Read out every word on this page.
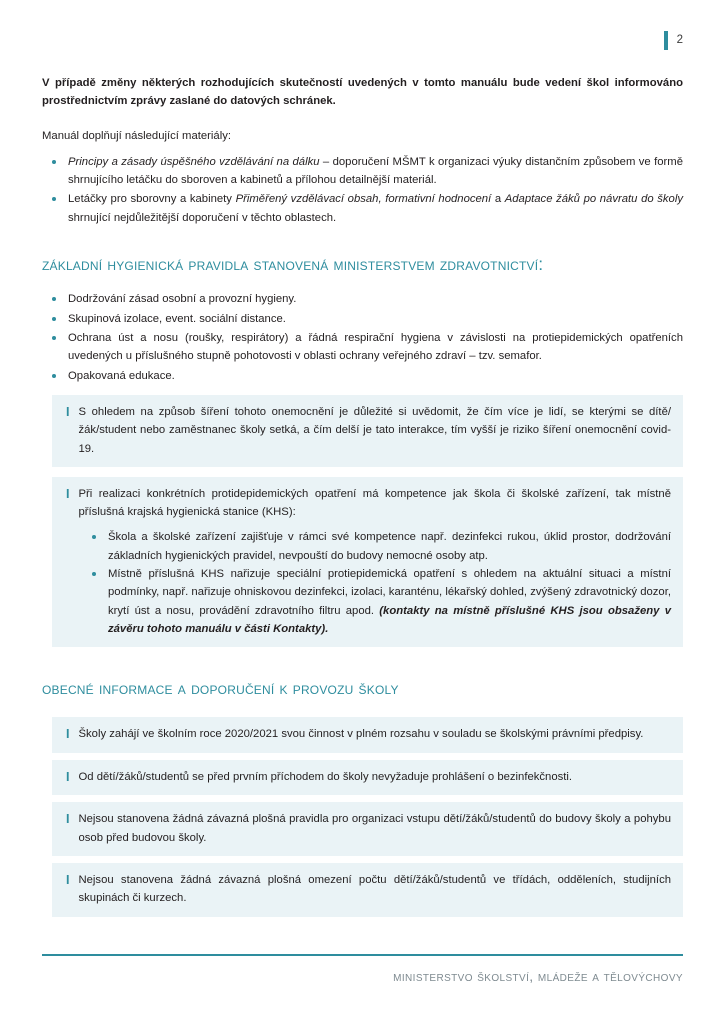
2

V případě změny některých rozhodujících skutečností uvedených v tomto manuálu bude vedení škol informováno prostřednictvím zprávy zaslané do datových schránek.

Manuál doplňují následující materiály:

Principy a zásady úspěšného vzdělávání na dálku – doporučení MŠMT k organizaci výuky distančním způsobem ve formě shrnujícího letáčku do sboroven a kabinetů a přílohou detailnější materiál.
Letáčky pro sborovny a kabinety Přiměřený vzdělávací obsah, formativní hodnocení a Adaptace žáků po návratu do školy shrnující nejdůležitější doporučení v těchto oblastech.
základní hygienická pravidla stanovená ministerstvem zdravotnictví:
Dodržování zásad osobní a provozní hygieny.
Skupinová izolace, event. sociální distance.
Ochrana úst a nosu (roušky, respirátory) a řádná respirační hygiena v závislosti na protiepidemických opatřeních uvedených u příslušného stupně pohotovosti v oblasti ochrany veřejného zdraví – tzv. semafor.
Opakovaná edukace.
I S ohledem na způsob šíření tohoto onemocnění je důležité si uvědomit, že čím více je lidí, se kterými se dítě/žák/student nebo zaměstnanec školy setká, a čím delší je tato interakce, tím vyšší je riziko šíření onemocnění covid-19.
I Při realizaci konkrétních protidepidemických opatření má kompetence jak škola či školské zařízení, tak místně příslušná krajská hygienická stanice (KHS):
Škola a školské zařízení zajišťuje v rámci své kompetence např. dezinfekci rukou, úklid prostor, dodržování základních hygienických pravidel, nevpouští do budovy nemocné osoby atp.
Místně příslušná KHS nařizuje speciální protiepidemická opatření s ohledem na aktuální situaci a místní podmínky, např. nařizuje ohniskovou dezinfekci, izolaci, karanténu, lékařský dohled, zvýšený zdravotnický dozor, krytí úst a nosu, provádění zdravotního filtru apod. (kontakty na místně příslušné KHS jsou obsaženy v závěru tohoto manuálu v části Kontakty).
obecné informace a doporučení k provozu školy
I Školy zahájí ve školním roce 2020/2021 svou činnost v plném rozsahu v souladu se školskými právními předpisy.
I Od dětí/žáků/studentů se před prvním příchodem do školy nevyžaduje prohlášení o bezinfekčnosti.
I Nejsou stanovena žádná závazná plošná pravidla pro organizaci vstupu dětí/žáků/studentů do budovy školy a pohybu osob před budovou školy.
I Nejsou stanovena žádná závazná plošná omezení počtu dětí/žáků/studentů ve třídách, odděleních, studijních skupinách či kurzech.
ministerstvo školství, mládeže a tělovýchovy
